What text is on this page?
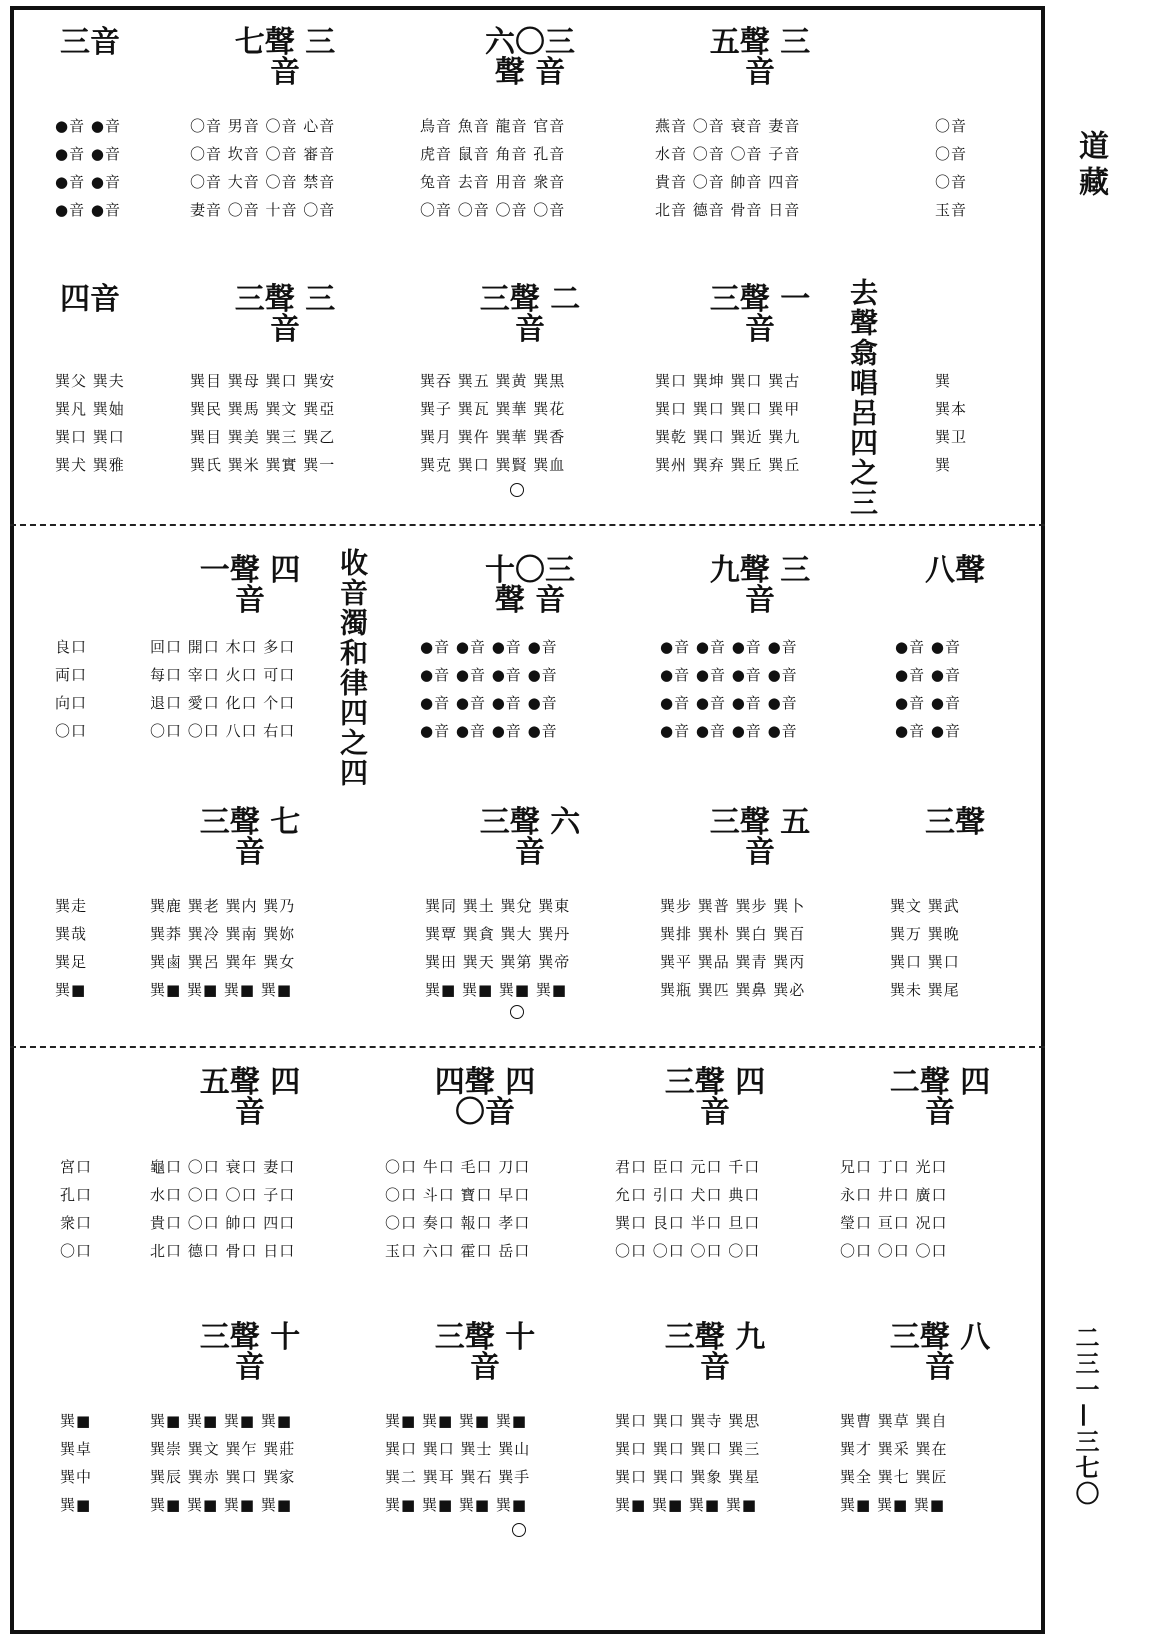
道藏
二三一—三七〇
去聲翕唱呂四之三
收音濁和律四之四
三音	七聲 三音
六〇三 聲 音
五聲 三音
●音 ●音
●音 ●音
●音 ●音
●音 ●音
〇音 男音 〇音 心音
〇音 坎音 〇音 審音
〇音 大音 〇音 禁音
妻音 〇音 十音 〇音
鳥音 魚音 龍音 官音
虎音 鼠音 角音 孔音
兔音 去音 用音 衆音
〇音 〇音 〇音 〇音
燕音 〇音 衰音 妻音
水音 〇音 〇音 子音
貴音 〇音 帥音 四音
北音 德音 骨音 日音
〇音
〇音
〇音
玉音
四音	三聲 三音
三聲 二音
三聲 一音
巽父 巽夫
巽凡 巽妯
巽口 巽口
巽犬 巽雅
巽目 巽母 巽口 巽安
巽民 巽馬 巽文 巽亞
巽目 巽美 巽三 巽乙
巽氏 巽米 巽實 巽一
巽吞 巽五 巽黄 巽黒
巽子 巽瓦 巽華 巽花
巽月 巽仵 巽華 巽香
巽克 巽口 巽賢 巽血
巽口 巽坤 巽口 巽古
巽口 巽口 巽口 巽甲
巽乾 巽口 巽近 巽九
巽州 巽弃 巽丘 巽丘
巽
巽本
巽卫
巽
一聲 四音
十〇三 聲 音
九聲 三音
八聲
良口
両口
向口
〇口
回口 開口 木口 多口
每口 宰口 火口 可口
退口 愛口 化口 个口
〇口 〇口 八口 右口
●音 ●音 ●音 ●音
●音 ●音 ●音 ●音
●音 ●音 ●音 ●音
●音 ●音 ●音 ●音
●音 ●音 ●音 ●音
●音 ●音 ●音 ●音
●音 ●音 ●音 ●音
●音 ●音 ●音 ●音
●音 ●音
●音 ●音
●音 ●音
●音 ●音
三聲 七音
三聲 六音
三聲 五音
三聲
巽走
巽哉
巽足
巽■
巽鹿 巽老 巽内 巽乃
巽莽 巽冷 巽南 巽妳
巽鹵 巽呂 巽年 巽女
巽■ 巽■ 巽■ 巽■
巽同 巽土 巽兌 巽東
巽覃 巽貪 巽大 巽丹
巽田 巽天 巽第 巽帝
巽■ 巽■ 巽■ 巽■
巽步 巽普 巽步 巽卜
巽排 巽朴 巽白 巽百
巽平 巽品 巽青 巽丙
巽瓶 巽匹 巽鼻 巽必
巽文 巽武
巽万 巽晚
巽口 巽口
巽未 巽尾
五聲 四音
四聲 四〇音
三聲 四音
二聲 四音
宮口
孔口
衆口
〇口
龜口 〇口 衰口 妻口
水口 〇口 〇口 子口
貴口 〇口 帥口 四口
北口 德口 骨口 日口
〇口 牛口 毛口 刀口
〇口 斗口 寶口 早口
〇口 奏口 報口 孝口
玉口 六口 霍口 岳口
君口 臣口 元口 千口
允口 引口 犬口 典口
巽口 艮口 半口 旦口
〇口 〇口 〇口 〇口
兄口 丁口 光口
永口 井口 廣口
瑩口 亘口 况口
〇口 〇口 〇口
三聲 十音
三聲 十音
三聲 九音
三聲 八音
巽■
巽卓
巽中
巽■
巽■ 巽■ 巽■ 巽■
巽崇 巽文 巽乍 巽莊
巽辰 巽赤 巽口 巽家
巽■ 巽■ 巽■ 巽■
巽■ 巽■ 巽■ 巽■
巽口 巽口 巽士 巽山
巽二 巽耳 巽石 巽手
巽■ 巽■ 巽■ 巽■
巽口 巽口 巽寺 巽思
巽口 巽口 巽口 巽三
巽口 巽口 巽象 巽星
巽■ 巽■ 巽■ 巽■
巽曹 巽草 巽自
巽才 巽采 巽在
巽全 巽七 巽匠
巽■ 巽■ 巽■
